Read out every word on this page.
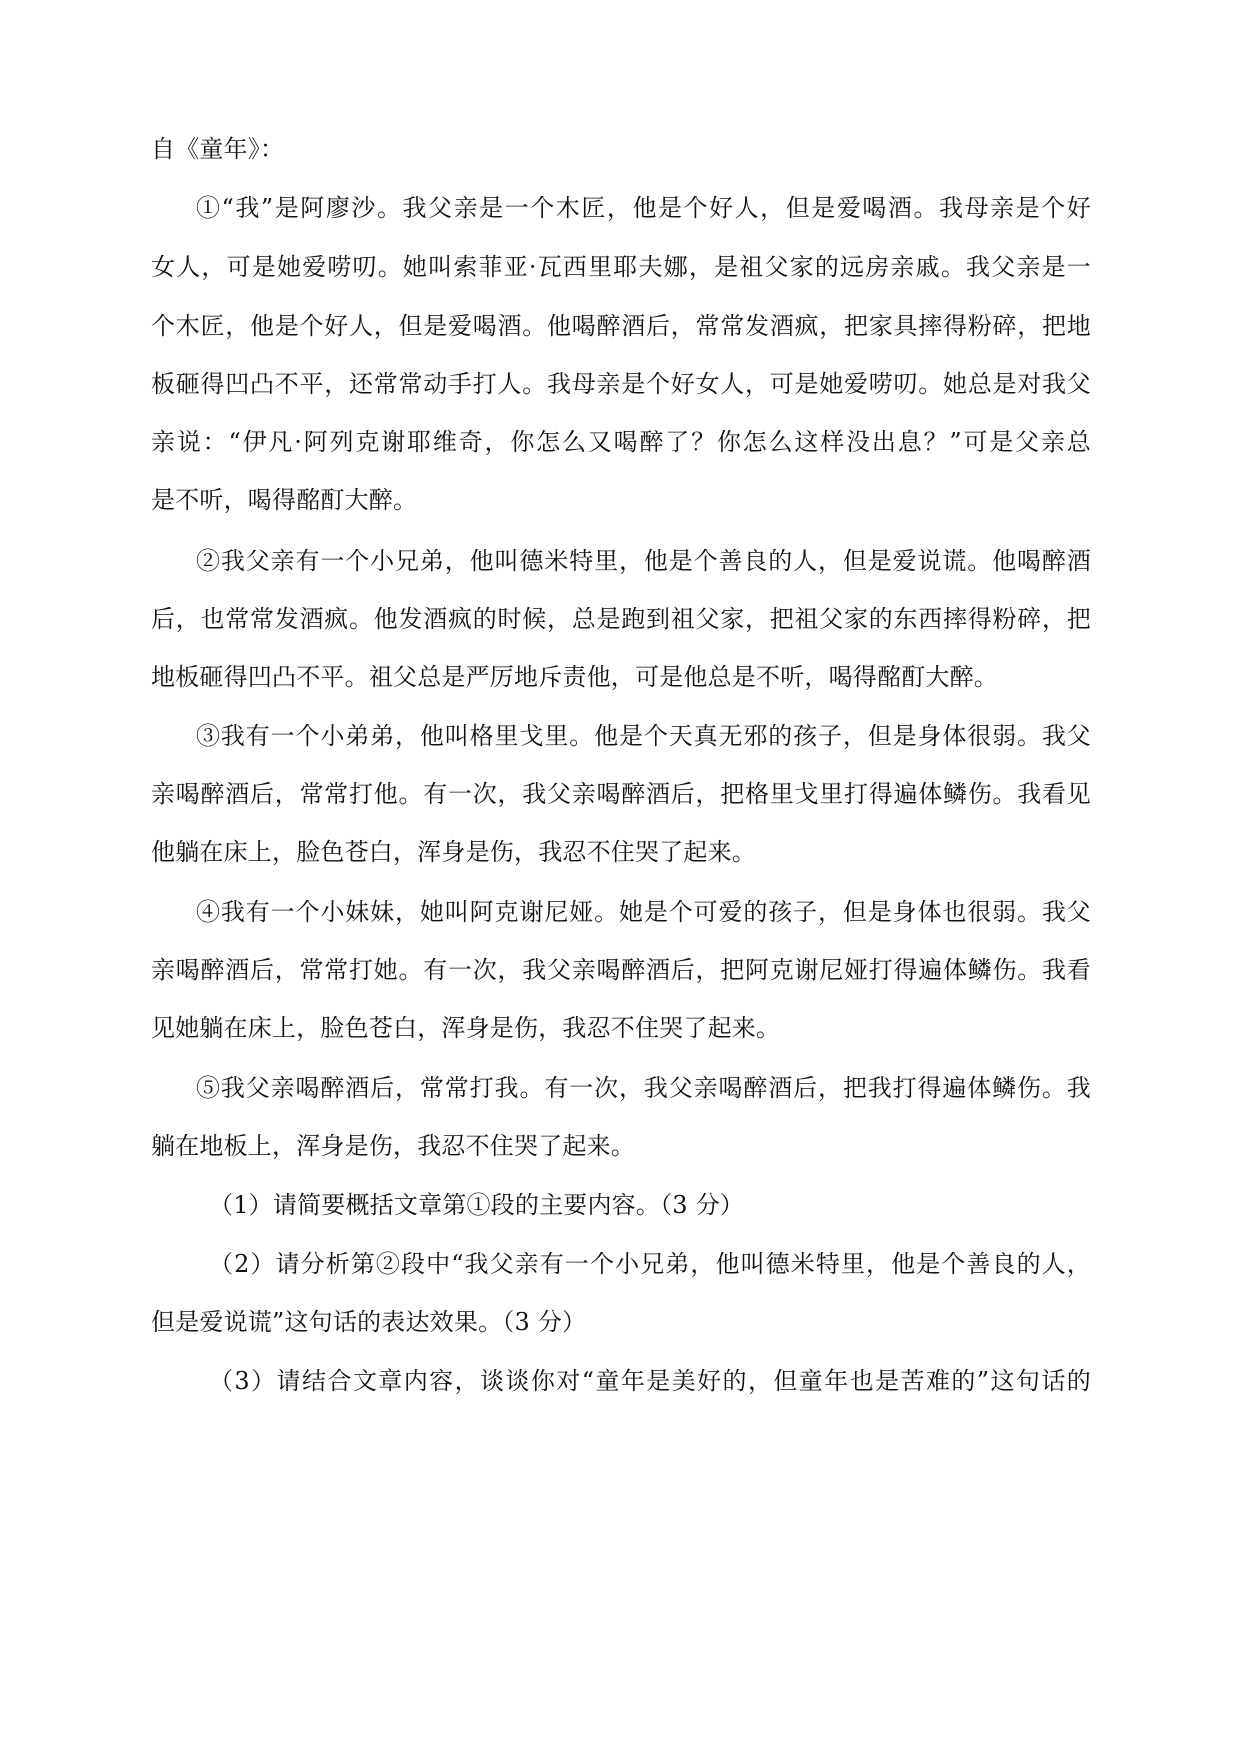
自《童年》：
①“我”是阿廖沙。我父亲是一个木匠，他是个好人，但是爱喝酒。我母亲是个好
女人，可是她爱唠叨。她叫索菲亚·瓦西里耶夫娜，是祖父家的远房亲戚。我父亲是一
个木匠，他是个好人，但是爱喝酒。他喝醉酒后，常常发酒疯，把家具摔得粉碎，把地
板砸得凹凸不平，还常常动手打人。我母亲是个好女人，可是她爱唠叨。她总是对我父
亲说：“伊凡·阿列克谢耶维奇，你怎么又喝醉了？你怎么这样没出息？”可是父亲总
是不听，喝得酩酊大醉。
②我父亲有一个小兄弟，他叫德米特里，他是个善良的人，但是爱说谎。他喝醉酒
后，也常常发酒疯。他发酒疯的时候，总是跑到祖父家，把祖父家的东西摔得粉碎，把
地板砸得凹凸不平。祖父总是严厉地斥责他，可是他总是不听，喝得酩酊大醉。
③我有一个小弟弟，他叫格里戈里。他是个天真无邪的孩子，但是身体很弱。我父
亲喝醉酒后，常常打他。有一次，我父亲喝醉酒后，把格里戈里打得遍体鳞伤。我看见
他躺在床上，脸色苍白，浑身是伤，我忍不住哭了起来。
④我有一个小妹妹，她叫阿克谢尼娅。她是个可爱的孩子，但是身体也很弱。我父
亲喝醉酒后，常常打她。有一次，我父亲喝醉酒后，把阿克谢尼娅打得遍体鳞伤。我看
见她躺在床上，脸色苍白，浑身是伤，我忍不住哭了起来。
⑤我父亲喝醉酒后，常常打我。有一次，我父亲喝醉酒后，把我打得遍体鳞伤。我
躺在地板上，浑身是伤，我忍不住哭了起来。
（1）请简要概括文章第①段的主要内容。（3 分）
（2）请分析第②段中“我父亲有一个小兄弟，他叫德米特里，他是个善良的人，
但是爱说谎”这句话的表达效果。（3 分）
（3）请结合文章内容，谈谈你对“童年是美好的，但童年也是苦难的”这句话的
